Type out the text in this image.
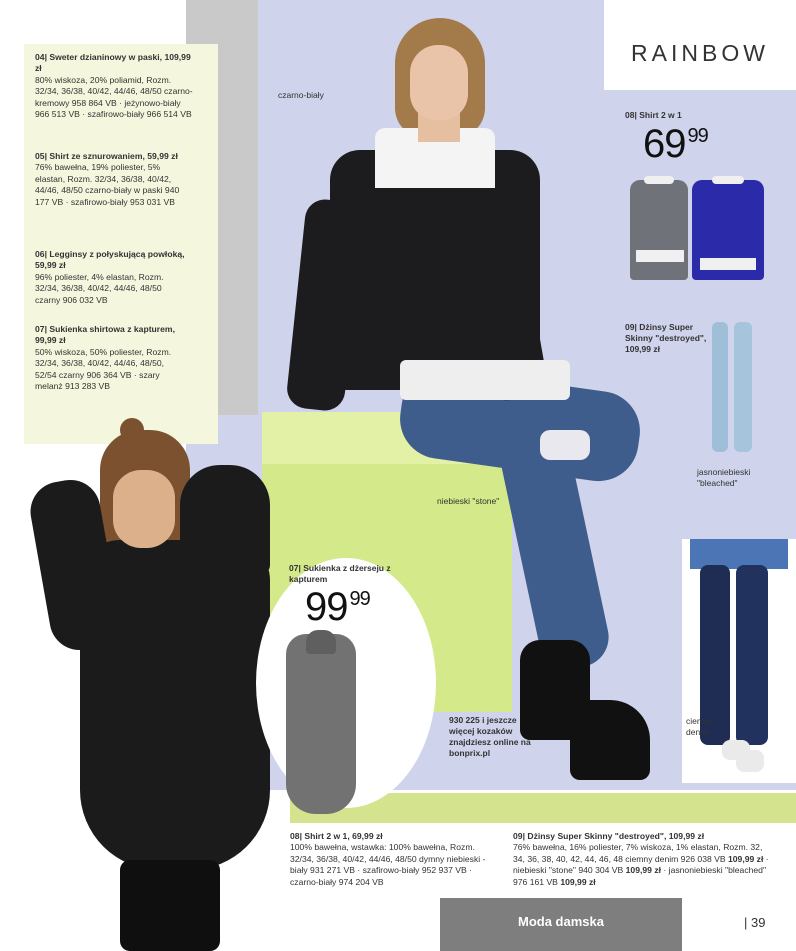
RAINBOW
04| Sweter dzianinowy w paski, 109,99 zł
80% wiskoza, 20% poliamid, Rozm. 32/34, 36/38, 40/42, 44/46, 48/50 czarno-kremowy 958 864 VB · jeżynowo-biały 966 513 VB · szafirowo-biały 966 514 VB
05| Shirt ze sznurowaniem, 59,99 zł
76% bawełna, 19% poliester, 5% elastan, Rozm. 32/34, 36/38, 40/42, 44/46, 48/50 czarno-biały w paski 940 177 VB · szafirowo-biały 953 031 VB
06| Legginsy z połyskującą powłoką, 59,99 zł
96% poliester, 4% elastan, Rozm. 32/34, 36/38, 40/42, 44/46, 48/50 czarny 906 032 VB
07| Sukienka shirtowa z kapturem, 99,99 zł
50% wiskoza, 50% poliester, Rozm. 32/34, 36/38, 40/42, 44/46, 48/50, 52/54 czarny 906 364 VB · szary melanż 913 283 VB
07| Sukienka z dżerseju z kapturem
99 $^{99}$
08| Shirt 2 w 1
69 $^{99}$
09| Dżinsy Super Skinny "destroyed", 109,99 zł
czarno-biały
niebieski "stone"
jasnoniebieski "bleached"
ciemny denim
930 225 i jeszcze więcej kozaków znajdziesz online na bonprix.pl
08| Shirt 2 w 1, 69,99 zł
100% bawełna, wstawka: 100% bawełna, Rozm. 32/34, 36/38, 40/42, 44/46, 48/50 dymny niebieski - biały 931 271 VB · szafirowo-biały 952 937 VB · czarno-biały 974 204 VB
09| Dżinsy Super Skinny "destroyed", 109,99 zł
76% bawełna, 16% poliester, 7% wiskoza, 1% elastan, Rozm. 32, 34, 36, 38, 40, 42, 44, 46, 48 ciemny denim 926 038 VB 109,99 zł · niebieski "stone" 940 304 VB 109,99 zł · jasnoniebieski "bleached" 976 161 VB 109,99 zł
Moda damska	| 39
